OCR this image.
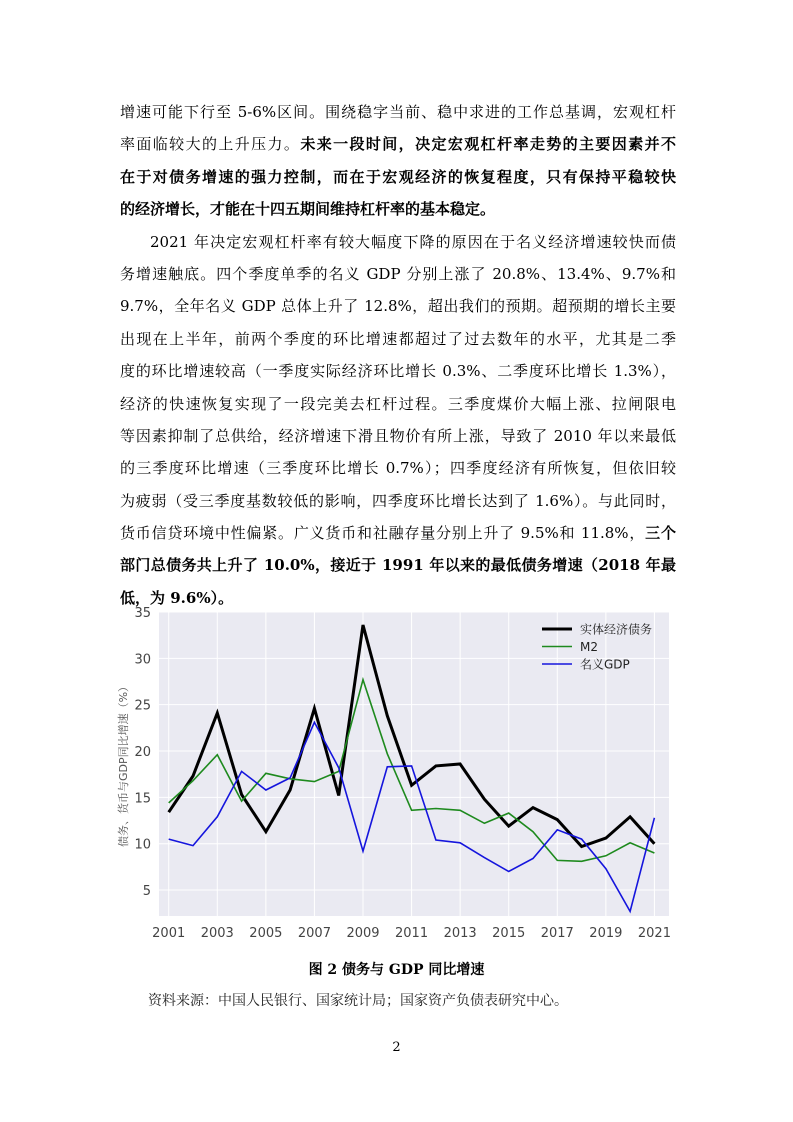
增速可能下行至 5-6%区间。围绕稳字当前、稳中求进的工作总基调，宏观杠杆
率面临较大的上升压力。未来一段时间，决定宏观杠杆率走势的主要因素并不
在于对债务增速的强力控制，而在于宏观经济的恢复程度，只有保持平稳较快
的经济增长，才能在十四五期间维持杠杆率的基本稳定。
2021 年决定宏观杠杆率有较大幅度下降的原因在于名义经济增速较快而债
务增速触底。四个季度单季的名义 GDP 分别上涨了 20.8%、13.4%、9.7%和
9.7%，全年名义 GDP 总体上升了 12.8%，超出我们的预期。超预期的增长主要
出现在上半年，前两个季度的环比增速都超过了过去数年的水平，尤其是二季
度的环比增速较高（一季度实际经济环比增长 0.3%、二季度环比增长 1.3%），
经济的快速恢复实现了一段完美去杠杆过程。三季度煤价大幅上涨、拉闸限电
等因素抑制了总供给，经济增速下滑且物价有所上涨，导致了 2010 年以来最低
的三季度环比增速（三季度环比增长 0.7%）；四季度经济有所恢复，但依旧较
为疲弱（受三季度基数较低的影响，四季度环比增长达到了 1.6%）。与此同时，
货币信贷环境中性偏紧。广义货币和社融存量分别上升了 9.5%和 11.8%，三个
部门总债务共上升了 10.0%，接近于 1991 年以来的最低债务增速（2018 年最
低，为 9.6%）。
5
10
15
20
25
30
35
2001 2003 2005 2007 2009 2011 2013 2015 2017 2019 2021
债务、货币与GDP同比增速（%）
实体经济债务
M2
名义GDP
图 2 债务与 GDP 同比增速
资料来源：中国人民银行、国家统计局；国家资产负债表研究中心。
2
